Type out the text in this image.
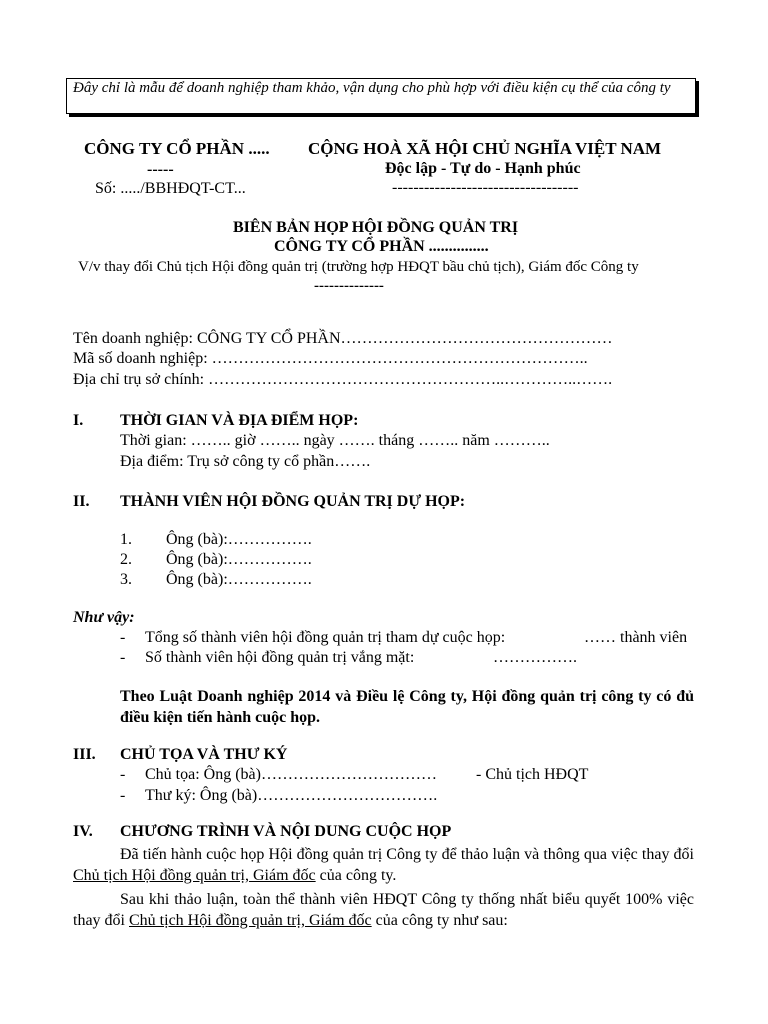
Đây chỉ là mẫu để doanh nghiệp tham khảo, vận dụng cho phù hợp với điều kiện cụ thể của công ty
CÔNG TY CỔ PHẦN .....
-----
Số: ...../BBHĐQT-CT...
CỘNG HOÀ XÃ HỘI CHỦ NGHĨA VIỆT NAM
Độc lập - Tự do - Hạnh phúc
-----------------------------------
BIÊN BẢN HỌP HỘI ĐỒNG QUẢN TRỊ
CÔNG TY CỔ PHẦN ...............
V/v thay đổi Chủ tịch Hội đồng quản trị (trường hợp HĐQT bầu chủ tịch), Giám đốc Công ty
--------------
Tên doanh nghiệp: CÔNG TY CỔ PHẦN……………………………………………
Mã số doanh nghiệp: ……………………………………………………………..
Địa chỉ trụ sở chính: ………………………………………………..…………..…….
I. THỜI GIAN VÀ ĐỊA ĐIỂM HỌP:
Thời gian: …….. giờ …….. ngày ……. tháng …….. năm ………..
Địa điểm: Trụ sở công ty cổ phần…….
II. THÀNH VIÊN HỘI ĐỒNG QUẢN TRỊ DỰ HỌP:
1. Ông (bà):…………….
2. Ông (bà):…………….
3. Ông (bà):…………….
Như vậy:
- Tổng số thành viên hội đồng quản trị tham dự cuộc họp:	…… thành viên
- Số thành viên hội đồng quản trị vắng mặt:	…………….
Theo Luật Doanh nghiệp 2014 và Điều lệ Công ty, Hội đồng quản trị công ty có đủ điều kiện tiến hành cuộc họp.
III. CHỦ TỌA VÀ THƯ KÝ
- Chủ tọa: Ông (bà)…………………………… - Chủ tịch HĐQT
- Thư ký: Ông (bà)…………………………….
IV. CHƯƠNG TRÌNH VÀ NỘI DUNG CUỘC HỌP
Đã tiến hành cuộc họp Hội đồng quản trị Công ty để thảo luận và thông qua việc thay đổi Chủ tịch Hội đồng quản trị, Giám đốc của công ty.
Sau khi thảo luận, toàn thể thành viên HĐQT Công ty thống nhất biểu quyết 100% việc thay đổi Chủ tịch Hội đồng quản trị, Giám đốc của công ty như sau:
